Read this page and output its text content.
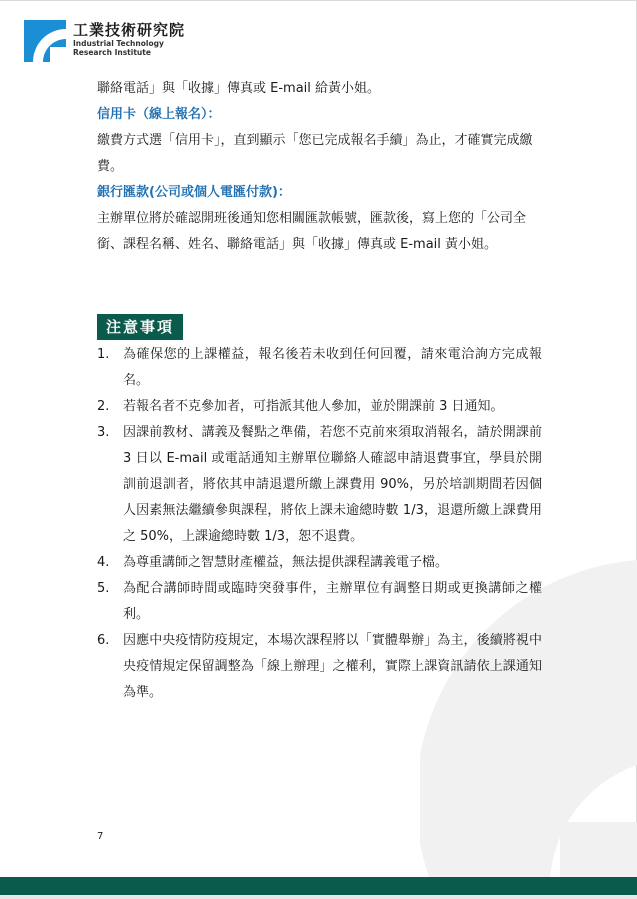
工業技術研究院
Industrial Technology
Research Institute

聯絡電話」與「收據」傳真或 E-mail 給黃小姐。

信用卡（線上報名）：

繳費方式選「信用卡」，直到顯示「您已完成報名手續」為止，才確實完成繳費。

銀行匯款(公司或個人電匯付款)：

主辦單位將於確認開班後通知您相關匯款帳號，匯款後，寫上您的「公司全銜、課程名稱、姓名、聯絡電話」與「收據」傳真或 E-mail 黃小姐。

注意事項
1.	為確保您的上課權益，報名後若未收到任何回覆，請來電洽詢方完成報名。
2.	若報名者不克參加者，可指派其他人參加，並於開課前 3 日通知。
3.	因課前教材、講義及餐點之準備，若您不克前來須取消報名，請於開課前 3 日以 E-mail 或電話通知主辦單位聯絡人確認申請退費事宜，學員於開訓前退訓者，將依其申請退還所繳上課費用 90%，另於培訓期間若因個人因素無法繼續參與課程，將依上課未逾總時數 1/3，退還所繳上課費用之 50%，上課逾總時數 1/3，恕不退費。
4.	為尊重講師之智慧財產權益，無法提供課程講義電子檔。
5.	為配合講師時間或臨時突發事件，主辦單位有調整日期或更換講師之權利。
6.	因應中央疫情防疫規定，本場次課程將以「實體舉辦」為主，後續將視中央疫情規定保留調整為「線上辦理」之權利，實際上課資訊請依上課通知為準。
7
